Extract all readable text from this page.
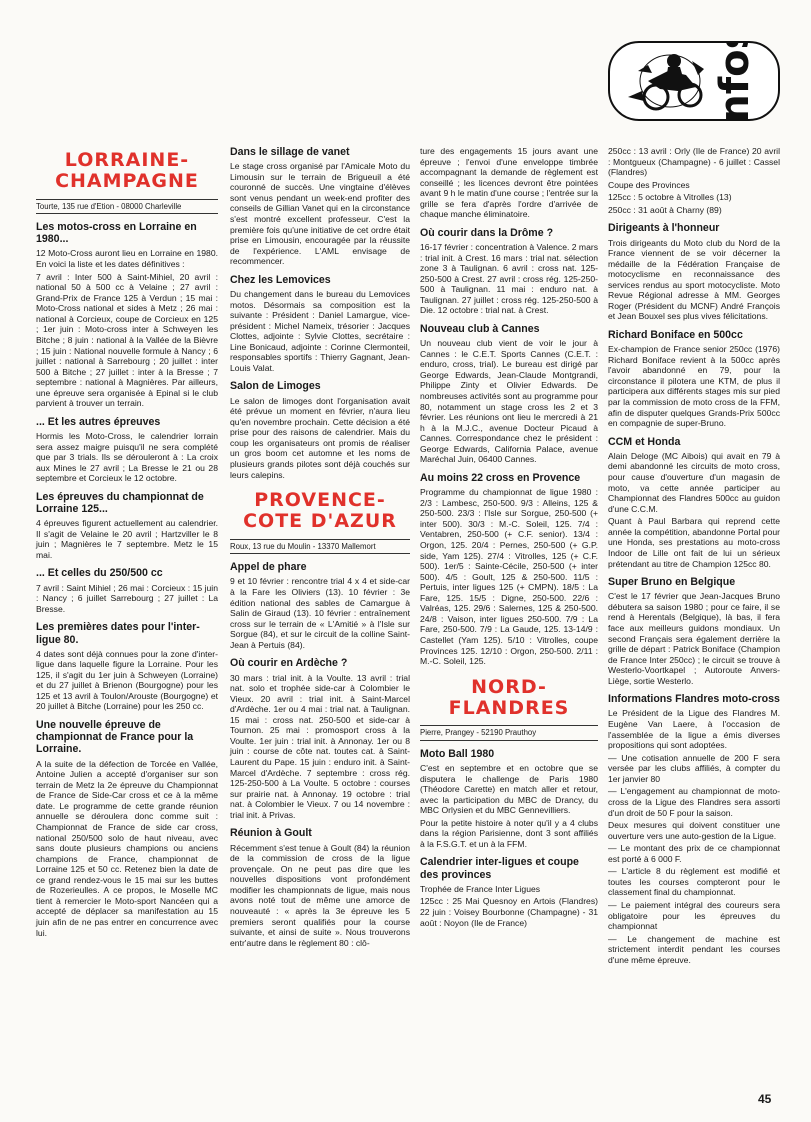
infos
LORRAINE-
CHAMPAGNE
Tourte, 135 rue d'Etion - 08000 Charleville
Les motos-cross en Lorraine en 1980...

12 Moto-Cross auront lieu en Lorraine en 1980. En voici la liste et les dates définitives :

7 avril : Inter 500 à Saint-Mihiel, 20 avril : national 50 à 500 cc à Velaine ; 27 avril : Grand-Prix de France 125 à Verdun ; 15 mai : Moto-Cross national et sides à Metz ; 26 mai : national à Corcieux, coupe de Corcieux en 125 ; 1er juin : Moto-cross inter à Schweyen les Bitche ; 8 juin : national à la Vallée de la Bièvre ; 15 juin : National nouvelle formule à Nancy ; 6 juillet : national à Sarrebourg ; 20 juillet : inter 500 à Bitche ; 27 juillet : inter à la Bresse ; 7 septembre : national à Magnières. Par ailleurs, une épreuve sera organisée à Epinal si le club parvient à trouver un terrain.

... Et les autres épreuves

Hormis les Moto-Cross, le calendrier lorrain sera assez maigre puisqu'il ne sera complété que par 3 trials. Ils se dérouleront à : La croix aux Mines le 27 avril ; La Bresse le 21 ou 28 septembre et Corcieux le 12 octobre.

Les épreuves du championnat de Lorraine 125...

4 épreuves figurent actuellement au calendrier. Il s'agit de Velaine le 20 avril ; Hartzviller le 8 juin ; Magnières le 7 septembre. Metz le 15 mai.

... Et celles du 250/500 cc

7 avril : Saint Mihiel ; 26 mai : Corcieux : 15 juin : Nancy ; 6 juillet Sarrebourg ; 27 juillet : La Bresse.

Les premières dates pour l'inter-ligue 80.

4 dates sont déjà connues pour la zone d'inter-ligue dans laquelle figure la Lorraine. Pour les 125, il s'agit du 1er juin à Schweyen (Lorraine) et du 27 juillet à Brienon (Bourgogne) pour les 125 et 13 avril à Toulon/Arouste (Bourgogne) et 20 juillet à Bitche (Lorraine) pour les 250 cc.

Une nouvelle épreuve de championnat de France pour la Lorraine.

A la suite de la défection de Torcée en Vallée, Antoine Julien a accepté d'organiser sur son terrain de Metz la 2e épreuve du Championnat de France de Side-Car cross et ce à la même date. Le programme de cette grande réunion annuelle se déroulera donc comme suit : Championnat de France de side car cross, national 250/500 solo de haut niveau, avec sans doute plusieurs champions ou anciens champions de France, championnat de Lorraine 125 et 50 cc. Retenez bien la date de ce grand rendez-vous le 15 mai sur les buttes de Rozerieulles. A ce propos, le Moselle MC tient à remercier le Moto-sport Nancéen qui a accepté de déplacer sa manifestation au 15 juin afin de ne pas entrer en concurrence avec lui.

Dans le sillage de vanet

Le stage cross organisé par l'Amicale Moto du Limousin sur le terrain de Brigueuil a été couronné de succès. Une vingtaine d'élèves sont venus pendant un week-end profiter des conseils de Gillian Vanet qui en la circonstance s'est montré excellent professeur. C'est la première fois qu'une initiative de cet ordre était prise en Limousin, encouragée par la réussite de l'expérience. L'AML envisage de recommencer.

Chez les Lemovices

Du changement dans le bureau du Lemovices motos. Désormais sa composition est la suivante : Président : Daniel Lamargue, vice-président : Michel Nameix, trésorier : Jacques Clottes, adjointe : Sylvie Clottes, secrétaire : Line Bonicaud, adjointe : Corinne Clermonteil, responsables sportifs : Thierry Gagnant, Jean-Louis Valat.

Salon de Limoges

Le salon de limoges dont l'organisation avait été prévue un moment en février, n'aura lieu qu'en novembre prochain. Cette décision a été prise pour des raisons de calendrier. Mais du coup les organisateurs ont promis de réaliser un gros boom cet automne et les noms de plusieurs grands pilotes sont déjà couchés sur leurs calepins.

PROVENCE-
COTE D'AZUR
Roux, 13 rue du Moulin - 13370 Mallemort
Appel de phare

9 et 10 février : rencontre trial 4 x 4 et side-car à la Fare les Oliviers (13). 10 février : 3e édition national des sables de Camargue à Salin de Giraud (13). 10 février : entraînement cross sur le terrain de « L'Amitié » à l'Isle sur Sorgue (84), et sur le circuit de la colline Saint-Jean à Pertuis (84).

Où courir en Ardèche ?

30 mars : trial init. à la Voulte. 13 avril : trial nat. solo et trophée side-car à Colombier le Vieux. 20 avril : trial init. à Saint-Marcel d'Ardèche. 1er ou 4 mai : trial nat. à Taulignan. 15 mai : cross nat. 250-500 et side-car à Tournon. 25 mai : promosport cross à la Voulte. 1er juin : trial init. à Annonay. 1er ou 8 juin : course de côte nat. toutes cat. à Saint-Laurent du Pape. 15 juin : enduro init. à Saint-Marcel d'Ardèche. 7 septembre : cross rég. 125-250-500 à La Voulte. 5 octobre : courses sur prairie nat. à Annonay. 19 octobre : trial nat. à Colombier le Vieux. 7 ou 14 novembre : trial init. à Privas.

Réunion à Goult

Récemment s'est tenue à Goult (84) la réunion de la commission de cross de la ligue provençale. On ne peut pas dire que les nouvelles dispositions vont profondément modifier les championnats de ligue, mais nous avons noté tout de même une amorce de nouveauté : « après la 3e épreuve les 5 premiers seront qualifiés pour la course suivante, et ainsi de suite ». Nous trouverons entr'autre dans le règlement 80 : clô-

ture des engagements 15 jours avant une épreuve ; l'envoi d'une enveloppe timbrée accompagnant la demande de règlement est conseillé ; les licences devront être pointées avant 9 h le matin d'une course ; l'entrée sur la grille se fera d'après l'ordre d'arrivée de chaque manche éliminatoire.

Où courir dans la Drôme ?

16-17 février : concentration à Valence. 2 mars : trial init. à Crest. 16 mars : trial nat. sélection zone 3 à Taulignan. 6 avril : cross nat. 125-250-500 à Crest. 27 avril : cross rég. 125-250-500 à Taulignan. 11 mai : enduro nat. à Taulignan. 27 juillet : cross rég. 125-250-500 à Die. 12 octobre : trial nat. à Crest.

Nouveau club à Cannes

Un nouveau club vient de voir le jour à Cannes : le C.E.T. Sports Cannes (C.E.T. : enduro, cross, trial). Le bureau est dirigé par George Edwards, Jean-Claude Montgrandi, Philippe Zinty et Olivier Edwards. De nombreuses activités sont au programme pour 80, notamment un stage cross les 2 et 3 février. Les réunions ont lieu le mercredi à 21 h à la M.J.C., avenue Docteur Picaud à Cannes. Correspondance chez le président : George Edwards, California Palace, avenue Maréchal Juin, 06400 Cannes.

Au moins 22 cross en Provence

Programme du championnat de ligue 1980 : 2/3 : Lambesc, 250-500. 9/3 : Alleins, 125 & 250-500. 23/3 : l'Isle sur Sorgue, 250-500 (+ inter 500). 30/3 : M.-C. Soleil, 125. 7/4 : Ventabren, 250-500 (+ C.F. senior). 13/4 : Orgon, 125. 20/4 : Pernes, 250-500 (+ G.P. side, Yam 125). 27/4 : Vitrolles, 125 (+ C.F. 500). 1er/5 : Sainte-Cécile, 250-500 (+ inter 500). 4/5 : Goult, 125 & 250-500. 11/5 : Pertuis, inter ligues 125 (+ CMPN). 18/5 : La Fare, 125. 15/5 : Digne, 250-500. 22/6 : Valréas, 125. 29/6 : Salernes, 125 & 250-500. 24/8 : Vaison, inter ligues 250-500. 7/9 : La Fare, 250-500. 7/9 : La Gaude, 125. 13-14/9 : Castellet (Yam 125). 5/10 : Vitrolles, coupe Provinces 125. 12/10 : Orgon, 250-500. 2/11 : M.-C. Soleil, 125.

NORD-
FLANDRES
Pierre, Prangey - 52190 Prauthoy
Moto Ball 1980

C'est en septembre et en octobre que se disputera le challenge de Paris 1980 (Théodore Carette) en match aller et retour, avec la participation du MBC de Drancy, du MBC Orlysien et du MBC Gennevilliers.

Pour la petite histoire à noter qu'il y a 4 clubs dans la région Parisienne, dont 3 sont affiliés à la F.S.G.T. et un à la FFM.

Calendrier inter-ligues et coupe des provinces

Trophée de France Inter Ligues

125cc : 25 Mai Quesnoy en Artois (Flandres) 22 juin : Voisey Bourbonne (Champagne) - 31 août : Noyon (Ile de France)

250cc : 13 avril : Orly (Ile de France) 20 avril : Montgueux (Champagne) - 6 juillet : Cassel (Flandres)

Coupe des Provinces

125cc : 5 octobre à Vitrolles (13)

250cc : 31 août à Charny (89)

Dirigeants à l'honneur

Trois dirigeants du Moto club du Nord de la France viennent de se voir décerner la médaille de la Fédération Française de motocyclisme en reconnaissance des services rendus au sport motocycliste. Moto Revue Régional adresse à MM. Georges Roger (Président du MCNF) André François et Jean Bouxel ses plus vives félicitations.

Richard Boniface en 500cc

Ex-champion de France senior 250cc (1976) Richard Boniface revient à la 500cc après l'avoir abandonné en 79, pour la circonstance il pilotera une KTM, de plus il participera aux différents stages mis sur pied par la commission de moto cross de la FFM, afin de disputer quelques Grands-Prix 500cc en compagnie de super-Bruno.

CCM et Honda

Alain Deloge (MC Aibois) qui avait en 79 à demi abandonné les circuits de moto cross, pour cause d'ouverture d'un magasin de moto, va cette année participer au Championnat des Flandres 500cc au guidon d'une C.C.M.

Quant à Paul Barbara qui reprend cette année la compétition, abandonne Portal pour une Honda, ses prestations au moto-cross Indoor de Lille ont fait de lui un sérieux prétendant au titre de Champion 125cc 80.

Super Bruno en Belgique

C'est le 17 février que Jean-Jacques Bruno débutera sa saison 1980 ; pour ce faire, il se rend à Herentals (Belgique), là bas, il fera face aux meilleurs guidons mondiaux. Un second Français sera également derrière la grille de départ : Patrick Boniface (Champion de France Inter 250cc) ; le circuit se trouve à Westerlo-Voortkapel ; Autoroute Anvers-Liège, sortie Westerlo.

Informations Flandres moto-cross

Le Président de la Ligue des Flandres M. Eugène Van Laere, à l'occasion de l'assemblée de la ligue a émis diverses propositions qui sont adoptées.

— Une cotisation annuelle de 200 F sera versée par les clubs affiliés, à compter du 1er janvier 80

— L'engagement au championnat de moto-cross de la Ligue des Flandres sera assorti d'un droit de 50 F pour la saison.

Deux mesures qui doivent constituer une ouverture vers une auto-gestion de la Ligue.

— Le montant des prix de ce championnat est porté à 6 000 F.

— L'article 8 du règlement est modifié et toutes les courses compteront pour le classement final du championnat.

— Le paiement intégral des coureurs sera obligatoire pour les épreuves du championnat

— Le changement de machine est strictement interdit pendant les courses d'une même épreuve.

45
